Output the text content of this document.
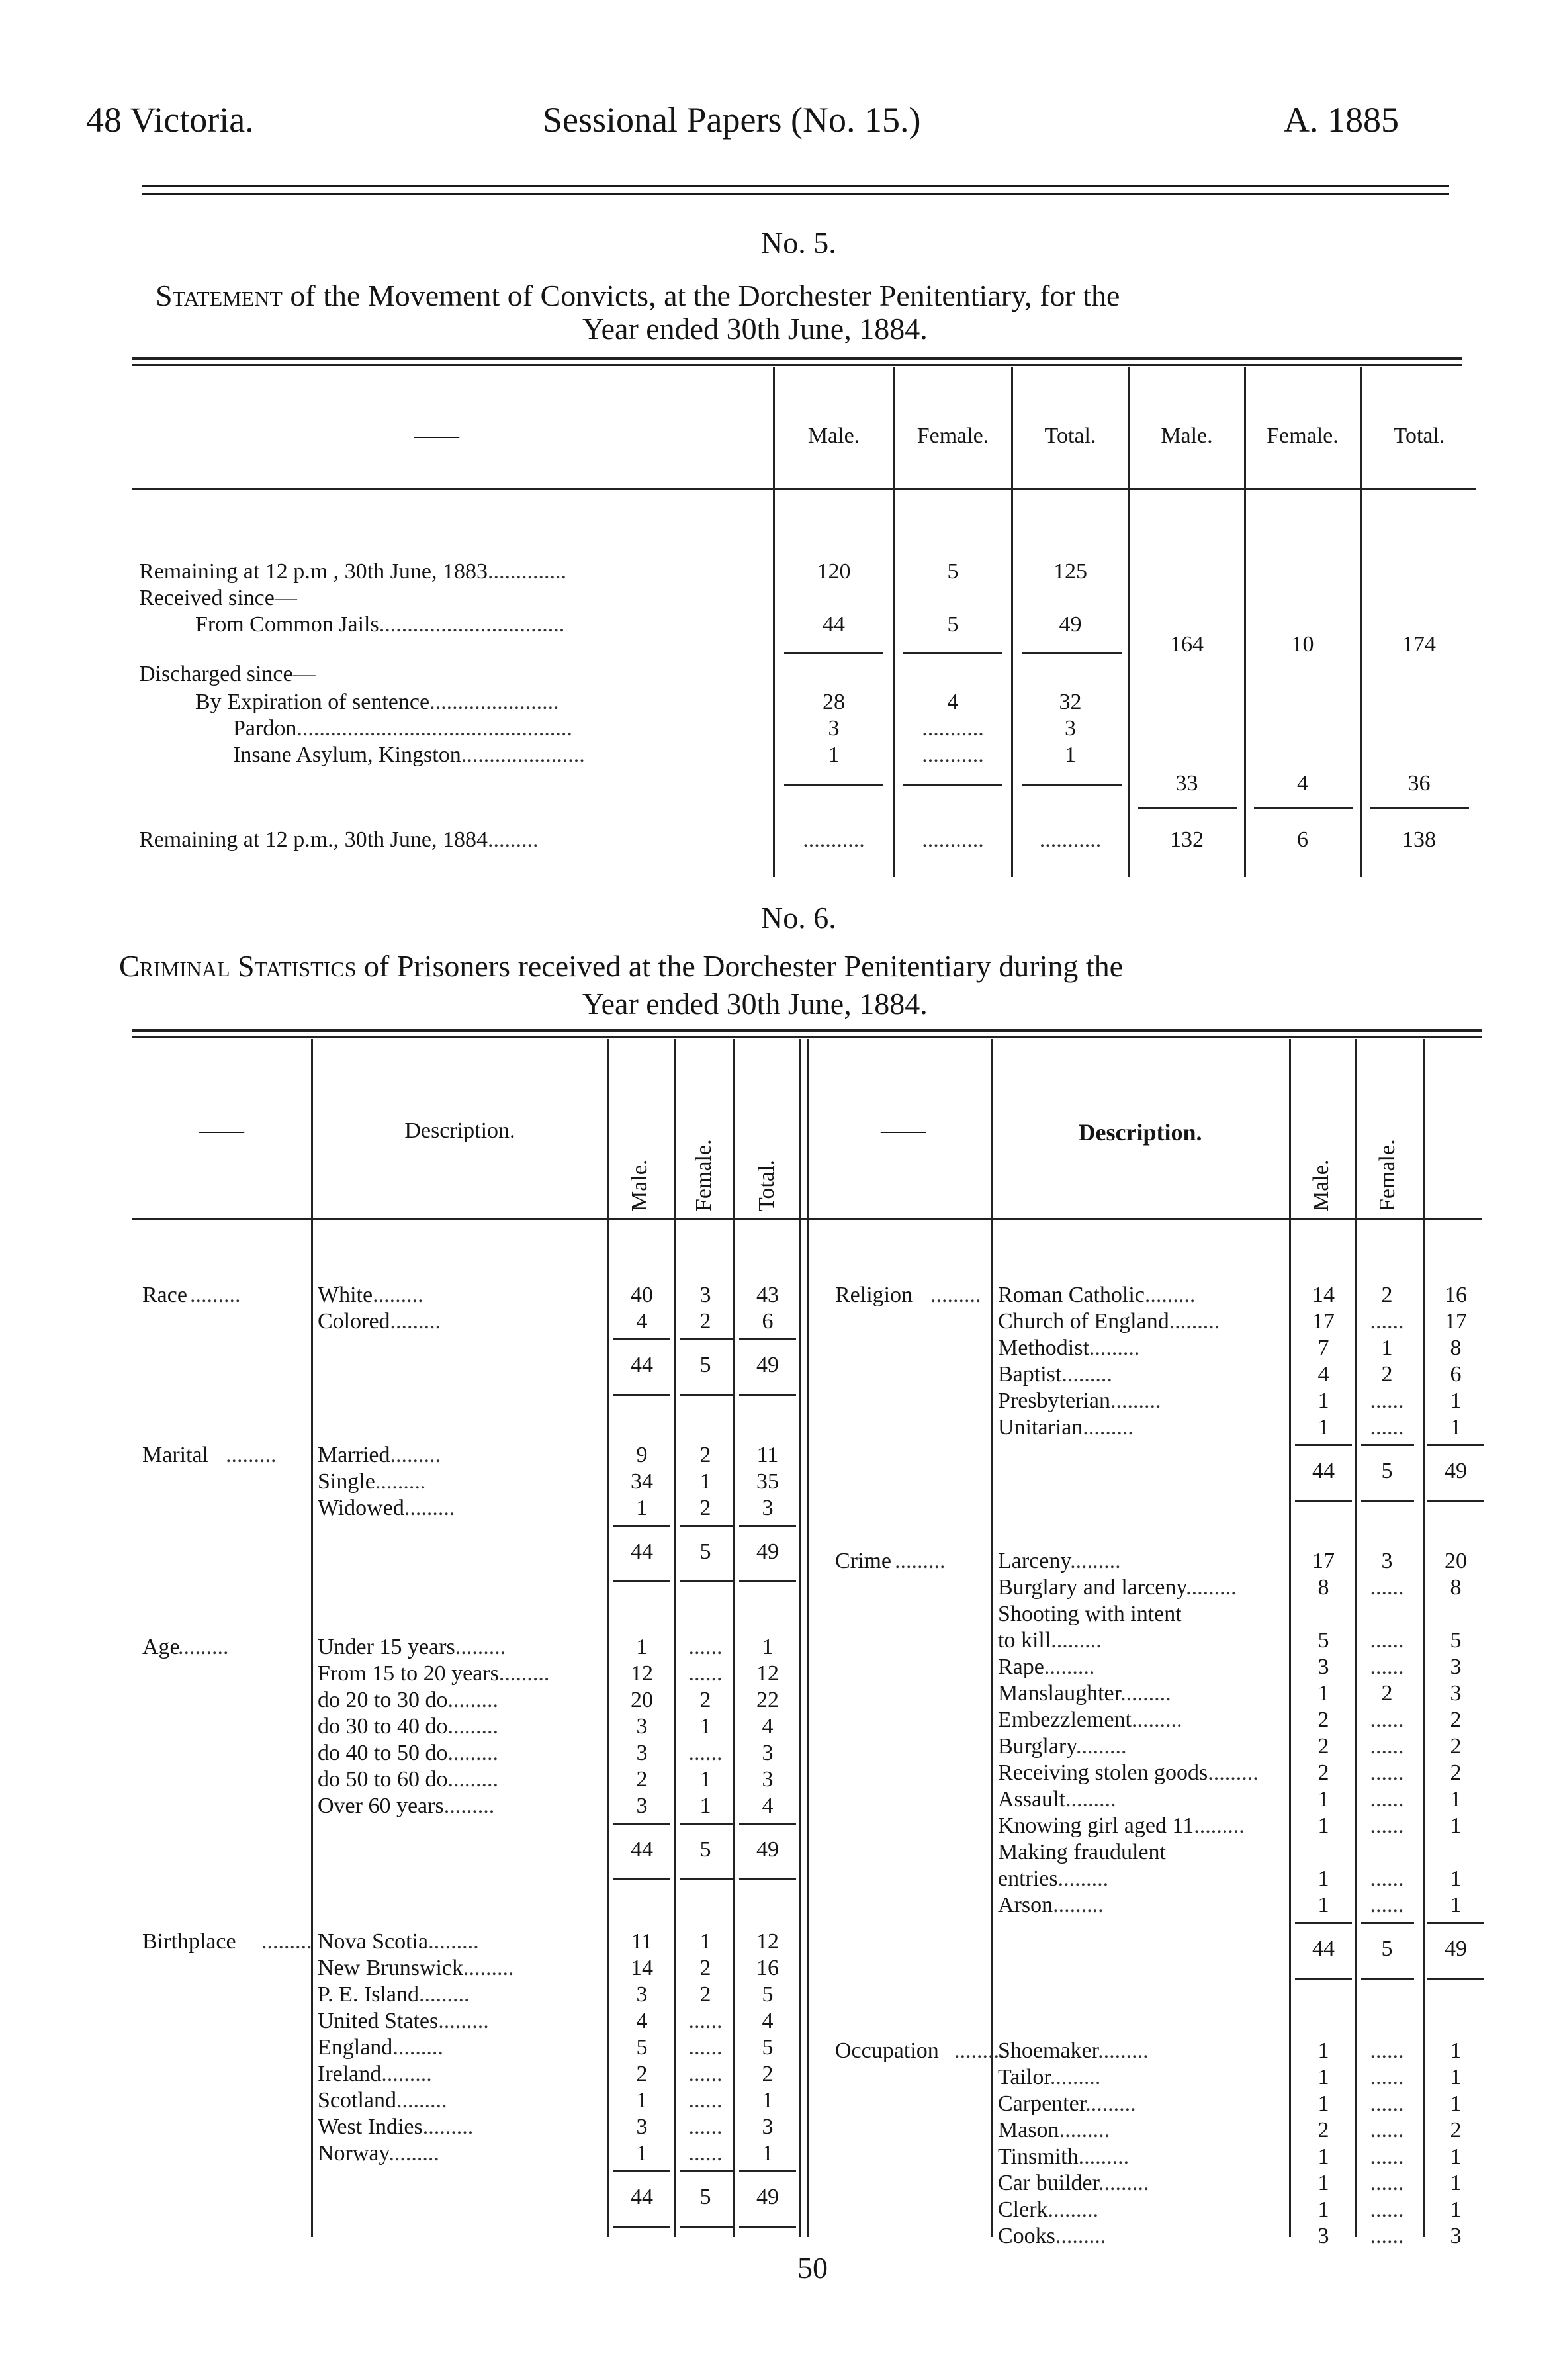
48 Victoria.	Sessional Papers (No. 15.)	A. 1885
No. 5.
Statement of the Movement of Convicts, at the Dorchester Penitentiary, for the
Year ended 30th June, 1884.
——	Male.	Female.	Total.	Male.	Female.	Total.
Remaining at 12 p.m , 30th June, 1883..............	120	5	125
Received since—
From Common Jails.................................	44	5	49
164	10	174
Discharged since—
By Expiration of sentence.......................	28	4	32
Pardon.................................................	3	...........	3
Insane Asylum, Kingston......................	1	...........	1
33	4	36
Remaining at 12 p.m., 30th June, 1884.........	...........	...........	...........	132	6	138
No. 6.
Criminal Statistics of Prisoners received at the Dorchester Penitentiary during the
Year ended 30th June, 1884.
——	Description.
Male. Female. Total.
——	Description.
Male. Female.
Race .........	White.........	40	3	43
Colored.........	4	2	6
44	5	49
Marital ......... Married.........	9	2	11
Single.........	34	1	35
Widowed.........	1	2	3
44	5	49
Age
.........	Under 15 years.........	1	......	1
From 15 to 20 years.........	12	......	12
do 20 to 30 do.........	20	2	22
do 30 to 40 do.........	3	1	4
do 40 to 50 do.........	3	......	3
do 50 to 60 do.........	2	1	3
Over 60 years.........	3	1	4
44	5	49
Birthplace ......... Nova Scotia.........	11	1	12
New Brunswick.........	14	2	16
P. E. Island.........	3	2	5
United States.........	4	......	4
England.........	5	......	5
Ireland.........	2	......	2
Scotland.........	1	......	1
West Indies.........	3	......	3
Norway.........	1	......	1
44	5	49
Religion ......... Roman Catholic.........	14	2	16
Church of England.........	17	......	17
Methodist.........	7	1	8
Baptist.........	4	2	6
Presbyterian.........	1	......	1
Unitarian.........	1	......	1
44	5	49
Crime ......... Larceny.........	17	3	20
Burglary and larceny.........	8	......	8
Shooting with intent
to kill.........	5	......	5
Rape.........	3	......	3
Manslaughter.........	1	2	3
Embezzlement.........	2	......	2
Burglary.........	2	......	2
Receiving stolen goods.........	2	......	2
Assault.........	1	......	1
Knowing girl aged 11.........	1	......	1
Making fraudulent
entries.........	1	......	1
Arson.........	1	......	1
44	5	49
Occupation .........
Shoemaker.........	1	......	1
Tailor.........	1	......	1
Carpenter.........	1	......	1
Mason.........	2	......	2
Tinsmith.........	1	......	1
Car builder.........	1	......	1
Clerk.........	1	......	1
Cooks.........	3	......	3
50
